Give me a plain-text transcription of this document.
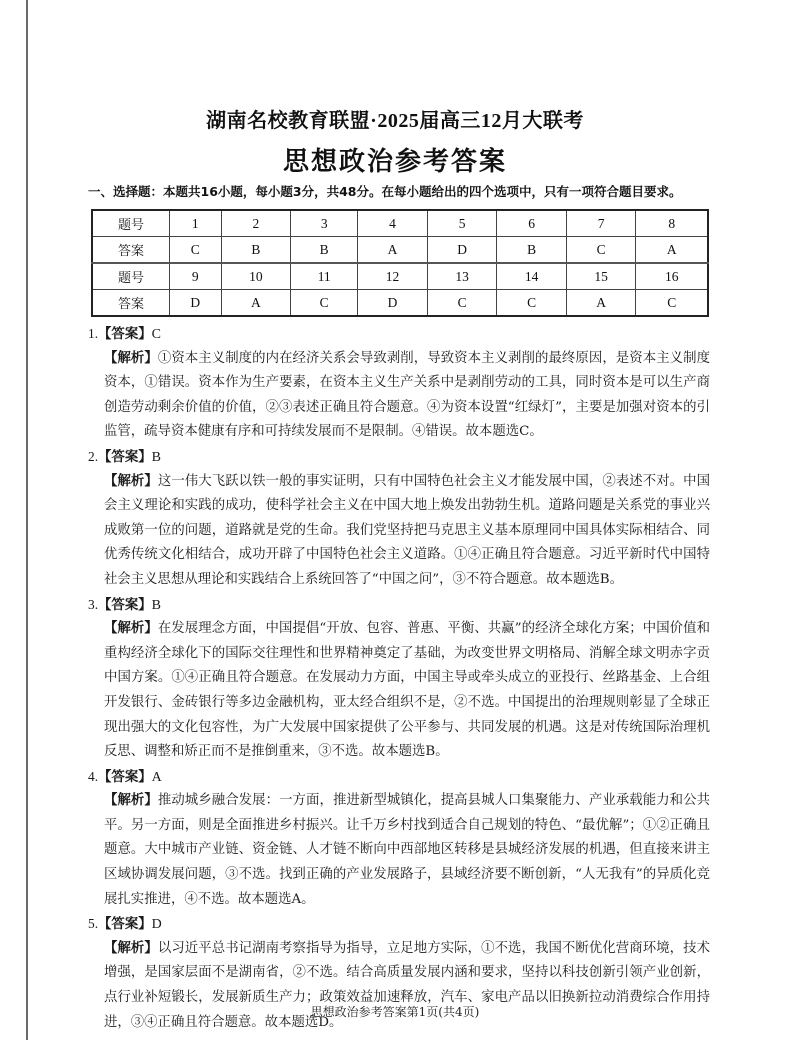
湖南名校教育联盟·2025届高三12月大联考
思想政治参考答案
一、选择题：本题共16小题，每小题3分，共48分。在每小题给出的四个选项中，只有一项符合题目要求。
题号	1	2	3	4	5	6	7	8
答案	C	B	B	A	D	B	C	A
题号	9	10	11	12	13	14	15	16
答案	D	A	C	D	C	C	A	C
1.【答案】C
【解析】①资本主义制度的内在经济关系会导致剥削，导致资本主义剥削的最终原因，是资本主义制度
资本，①错误。资本作为生产要素，在资本主义生产关系中是剥削劳动的工具，同时资本是可以生产商
创造劳动剩余价值的价值，②③表述正确且符合题意。④为资本设置“红绿灯”，主要是加强对资本的引
监管，疏导资本健康有序和可持续发展而不是限制。④错误。故本题选C。
2.【答案】B
【解析】这一伟大飞跃以铁一般的事实证明，只有中国特色社会主义才能发展中国，②表述不对。中国
会主义理论和实践的成功，使科学社会主义在中国大地上焕发出勃勃生机。道路问题是关系党的事业兴
成败第一位的问题，道路就是党的生命。我们党坚持把马克思主义基本原理同中国具体实际相结合、同
优秀传统文化相结合，成功开辟了中国特色社会主义道路。①④正确且符合题意。习近平新时代中国特
社会主义思想从理论和实践结合上系统回答了“中国之问”，③不符合题意。故本题选B。
3.【答案】B
【解析】在发展理念方面，中国提倡“开放、包容、普惠、平衡、共赢”的经济全球化方案；中国价值和
重构经济全球化下的国际交往理性和世界精神奠定了基础，为改变世界文明格局、消解全球文明赤字贡
中国方案。①④正确且符合题意。在发展动力方面，中国主导或牵头成立的亚投行、丝路基金、上合组
开发银行、金砖银行等多边金融机构，亚太经合组织不是，②不选。中国提出的治理规则彰显了全球正
现出强大的文化包容性，为广大发展中国家提供了公平参与、共同发展的机遇。这是对传统国际治理机
反思、调整和矫正而不是推倒重来，③不选。故本题选B。
4.【答案】A
【解析】推动城乡融合发展：一方面，推进新型城镇化，提高县城人口集聚能力、产业承载能力和公共
平。另一方面，则是全面推进乡村振兴。让千万乡村找到适合自己规划的特色、“最优解”；①②正确且
题意。大中城市产业链、资金链、人才链不断向中西部地区转移是县城经济发展的机遇，但直接来讲主
区域协调发展问题，③不选。找到正确的产业发展路子，县域经济要不断创新，“人无我有”的异质化竞
展扎实推进，④不选。故本题选A。
5.【答案】D
【解析】以习近平总书记湖南考察指导为指导，立足地方实际，①不选，我国不断优化营商环境，技术
增强，是国家层面不是湖南省，②不选。结合高质量发展内涵和要求，坚持以科技创新引领产业创新，
点行业补短锻长，发展新质生产力；政策效益加速释放，汽车、家电产品以旧换新拉动消费综合作用持
进，③④正确且符合题意。故本题选D。
思想政治参考答案第1页(共4页)
